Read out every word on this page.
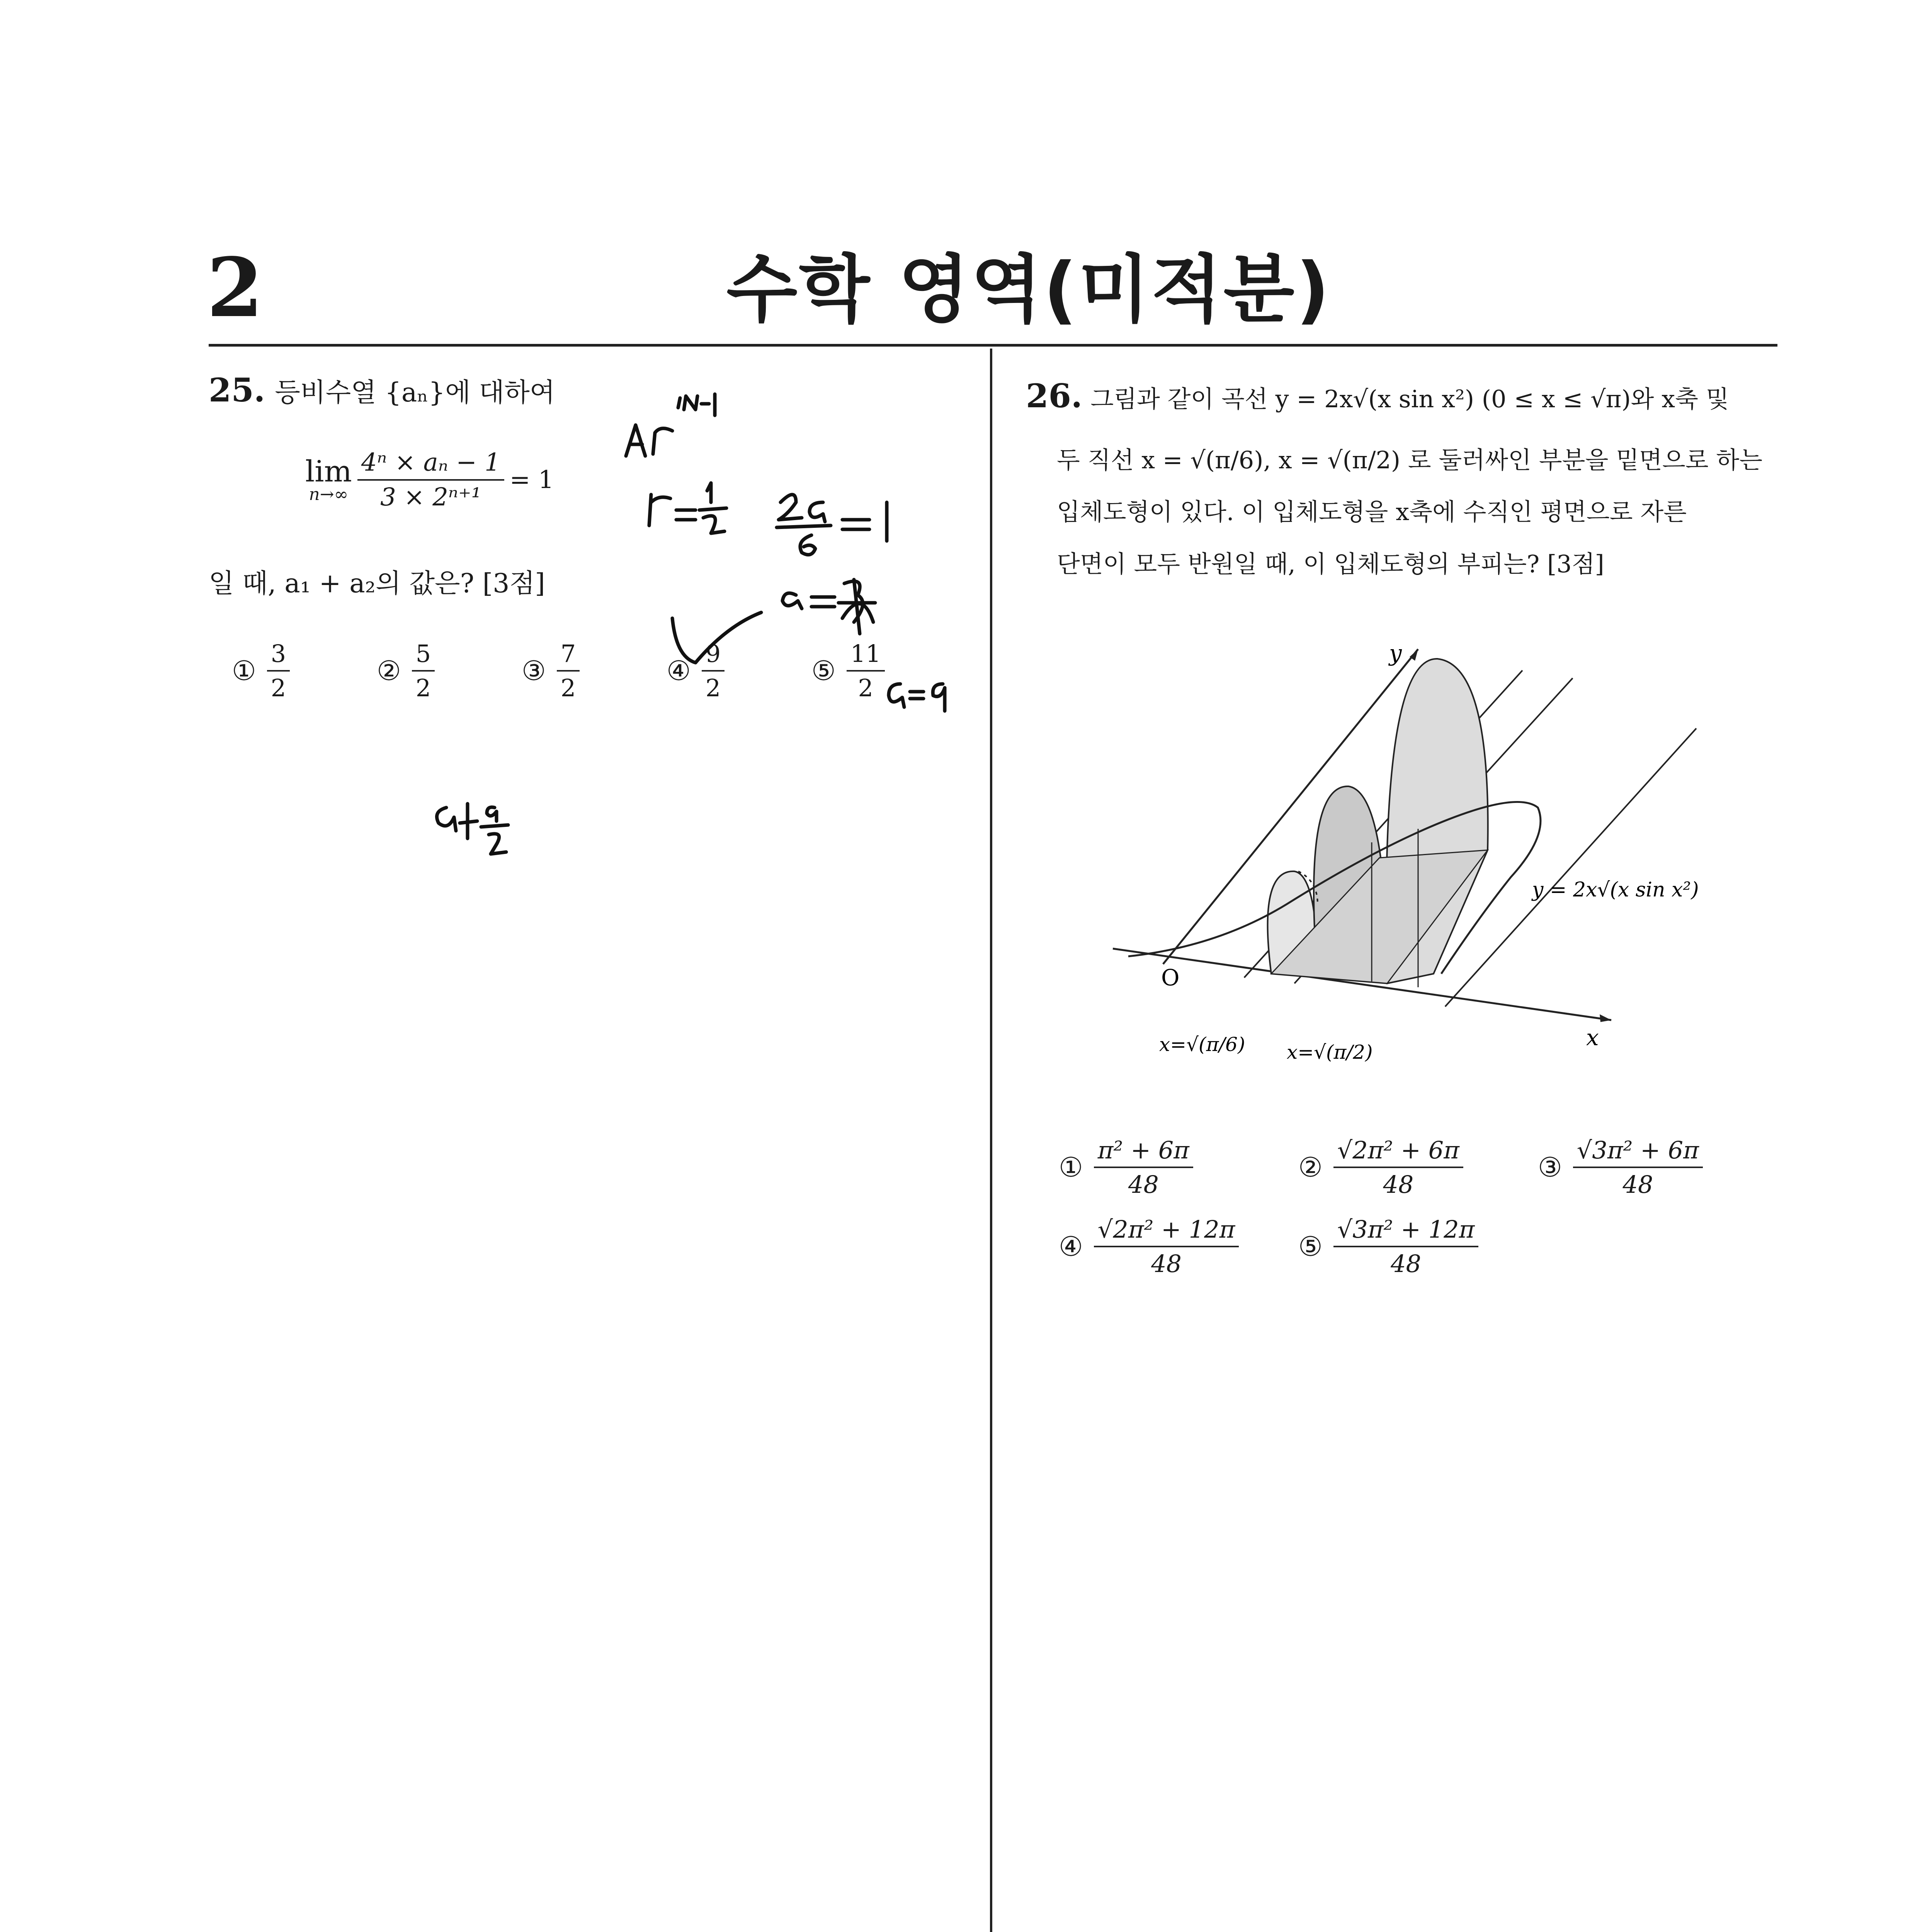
2	수학 영역(미적분)
25. 등비수열 {aₙ}에 대하여
lim
$n\to\infty \frac{\text{4ⁿ × aₙ − 1}}{\text{3 × 2ⁿ⁺¹}} = 1$
일 때, a₁ + a₂의 값은? [3점]
① $\frac{3}{2}$	② $\frac{5}{2}$	③ $\frac{7}{2}$	④ $\frac{9}{2}$	⑤ $\frac{11}{2}$
26. 그림과 같이 곡선 y = 2x√(x sin x²) (0 ≤ x ≤ √π)와 x축 및
두 직선 x = √(π/6), x = √(π/2) 로 둘러싸인 부분을 밑면으로 하는
입체도형이 있다. 이 입체도형을 x축에 수직인 평면으로 자른
단면이 모두 반원일 때, 이 입체도형의 부피는? [3점]
y
x
O
y = 2x√(x sin x²)
x=√(π/6) x=√(π/2)
① $\frac{\text{π² + 6π}}{48}$	② $\frac{\text{√2π² + 6π}}{48}$	③ $\frac{\text{√3π² + 6π}}{48}$
④ $\frac{\text{√2π² + 12π}}{48}$ ⑤ $\frac{\text{√3π² + 12π}}{48}$
